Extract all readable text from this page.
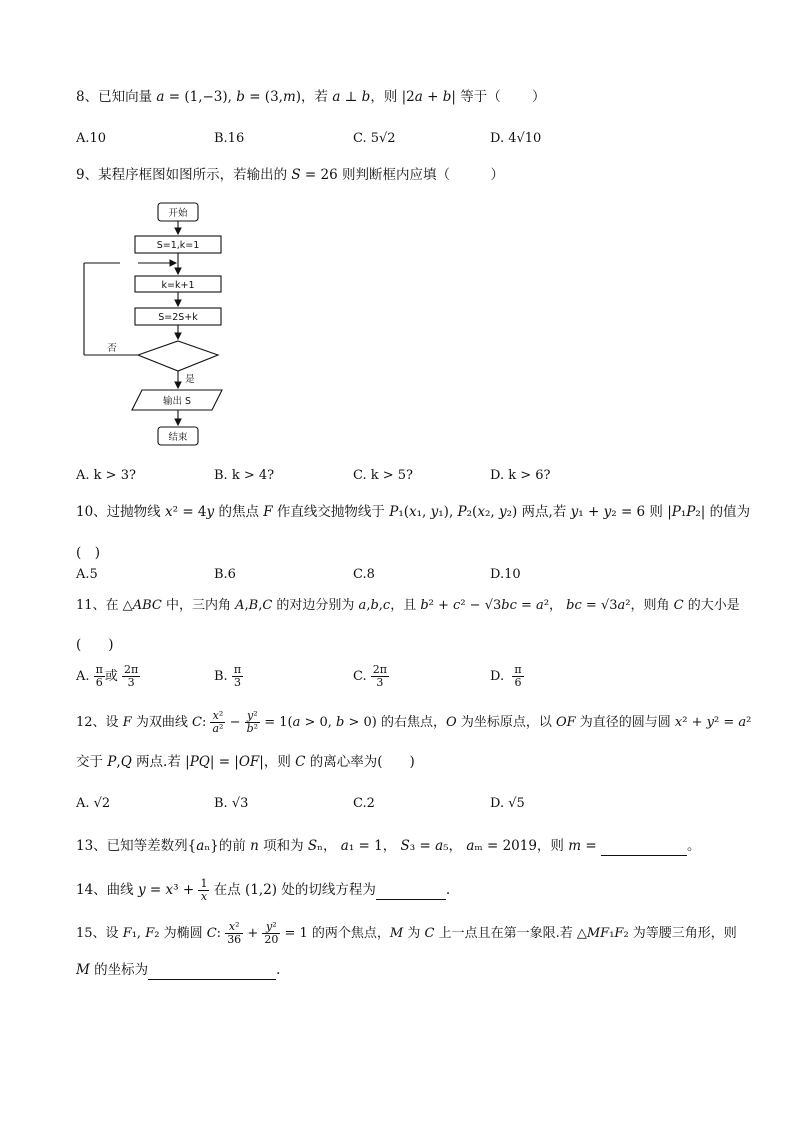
8、已知向量 a = (1,−3), b = (3,m)，若 a ⊥ b，则 |2a + b| 等于（　　 ）
A.10	B.16	C. 5√2	D. 4√10
9、某程序框图如图所示，若输出的 S = 26 则判断框内应填（　　　）
开始
S=1,k=1
k=k+1
S=2S+k
否
是
输出 S
结束
A. k > 3?	B. k > 4?	C. k > 5?	D. k > 6?
10、过抛物线 x² = 4y 的焦点 F 作直线交抛物线于 P₁(x₁, y₁), P₂(x₂, y₂) 两点,若 y₁ + y₂ = 6 则 |P₁P₂| 的值为
(　)
A.5	B.6	C.8	D.10
11、在 △ABC 中，三内角 A,B,C 的对边分别为 a,b,c，且 b² + c² − √3bc = a²， bc = √3a²，则角 C 的大小是
(　　)
A. $\frac{\pi}{6}$ 或 $\frac{2\pi}{3}$	B. $\frac{\pi}{3}$	C. $\frac{2\pi}{3}$	D. $\frac{\pi}{6}$
12、设 F 为双曲线 C: $\frac{\text{x²}}{\text{a²}} - \frac{\text{y²}}{\text{b²}} = 1(a > 0$, b > 0) 的右焦点，O 为坐标原点，以 OF 为直径的圆与圆 x² + y² = a²
交于 P,Q 两点.若 |PQ| = |OF|，则 C 的离心率为(　　)
A. √2	B. √3	C.2	D. √5
13、已知等差数列{aₙ}的前 n 项和为 Sₙ， a₁ = 1， S₃ = a₅， aₘ = 2019，则 m =	。
14、曲线 $y = x^3 + \frac{1}{x}$ 在点 (1,2) 处的切线方程为	.
15、设 F₁, F₂ 为椭圆 C: $\frac{\text{x²}}{36} + \frac{\text{y²}}{20} = 1$ 的两个焦点，M 为 C 上一点且在第一象限.若 △MF₁F₂ 为等腰三角形，则
M 的坐标为	.
